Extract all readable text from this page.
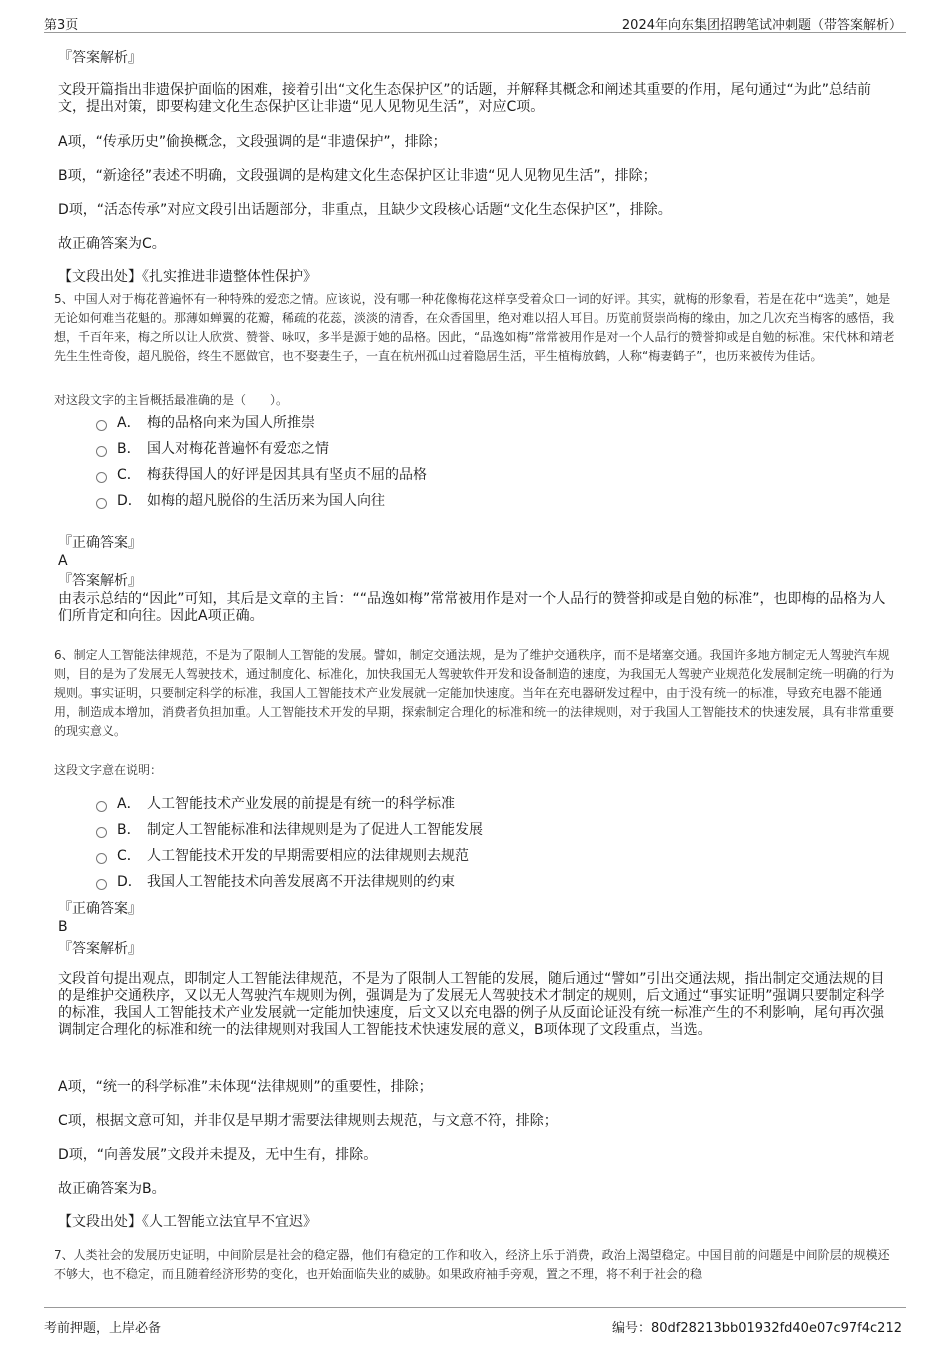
第3页	2024年向东集团招聘笔试冲刺题（带答案解析）
『答案解析』
文段开篇指出非遗保护面临的困难，接着引出“文化生态保护区”的话题，并解释其概念和阐述其重要的作用，尾句通过“为此”总结前文，提出对策，即要构建文化生态保护区让非遗“见人见物见生活”，对应C项。
A项，“传承历史”偷换概念，文段强调的是“非遗保护”，排除；
B项，“新途径”表述不明确，文段强调的是构建文化生态保护区让非遗“见人见物见生活”，排除；
D项，“活态传承”对应文段引出话题部分，非重点，且缺少文段核心话题“文化生态保护区”，排除。
故正确答案为C。
【文段出处】《扎实推进非遗整体性保护》
5、中国人对于梅花普遍怀有一种特殊的爱恋之情。应该说，没有哪一种花像梅花这样享受着众口一词的好评。其实，就梅的形象看，若是在花中“选美”，她是无论如何难当花魁的。那薄如蝉翼的花瓣，稀疏的花蕊，淡淡的清香，在众香国里，绝对难以招人耳目。历览前贤崇尚梅的缘由，加之几次充当梅客的感悟，我想，千百年来，梅之所以让人欣赏、赞誉、咏叹，多半是源于她的品格。因此，“品逸如梅”常常被用作是对一个人品行的赞誉抑或是自勉的标准。宋代林和靖老先生生性奇俊，超凡脱俗，终生不愿做官，也不娶妻生子，一直在杭州孤山过着隐居生活，平生植梅放鹤，人称“梅妻鹤子”，也历来被传为佳话。
对这段文字的主旨概括最准确的是（　　）。
A． 梅的品格向来为国人所推崇
B． 国人对梅花普遍怀有爱恋之情
C． 梅获得国人的好评是因其具有坚贞不屈的品格
D． 如梅的超凡脱俗的生活历来为国人向往
『正确答案』
A
『答案解析』
由表示总结的“因此”可知，其后是文章的主旨：““品逸如梅”常常被用作是对一个人品行的赞誉抑或是自勉的标准”，也即梅的品格为人们所肯定和向往。因此A项正确。
6、制定人工智能法律规范，不是为了限制人工智能的发展。譬如，制定交通法规，是为了维护交通秩序，而不是堵塞交通。我国许多地方制定无人驾驶汽车规则，目的是为了发展无人驾驶技术，通过制度化、标准化，加快我国无人驾驶软件开发和设备制造的速度，为我国无人驾驶产业规范化发展制定统一明确的行为规则。事实证明，只要制定科学的标准，我国人工智能技术产业发展就一定能加快速度。当年在充电器研发过程中，由于没有统一的标准，导致充电器不能通用，制造成本增加，消费者负担加重。人工智能技术开发的早期，探索制定合理化的标准和统一的法律规则，对于我国人工智能技术的快速发展，具有非常重要的现实意义。
这段文字意在说明：
A． 人工智能技术产业发展的前提是有统一的科学标准
B． 制定人工智能标准和法律规则是为了促进人工智能发展
C． 人工智能技术开发的早期需要相应的法律规则去规范
D． 我国人工智能技术向善发展离不开法律规则的约束
『正确答案』
B
『答案解析』
文段首句提出观点，即制定人工智能法律规范，不是为了限制人工智能的发展，随后通过“譬如”引出交通法规，指出制定交通法规的目的是维护交通秩序，又以无人驾驶汽车规则为例，强调是为了发展无人驾驶技术才制定的规则，后文通过“事实证明”强调只要制定科学的标准，我国人工智能技术产业发展就一定能加快速度，后文又以充电器的例子从反面论证没有统一标准产生的不利影响，尾句再次强调制定合理化的标准和统一的法律规则对我国人工智能技术快速发展的意义，B项体现了文段重点，当选。
A项，“统一的科学标准”未体现“法律规则”的重要性，排除；
C项，根据文意可知，并非仅是早期才需要法律规则去规范，与文意不符，排除；
D项，“向善发展”文段并未提及，无中生有，排除。
故正确答案为B。
【文段出处】《人工智能立法宜早不宜迟》
7、人类社会的发展历史证明，中间阶层是社会的稳定器，他们有稳定的工作和收入，经济上乐于消费，政治上渴望稳定。中国目前的问题是中间阶层的规模还不够大，也不稳定，而且随着经济形势的变化，也开始面临失业的威胁。如果政府袖手旁观，置之不理，将不利于社会的稳
考前押题，上岸必备	编号：80df28213bb01932fd40e07c97f4c212
